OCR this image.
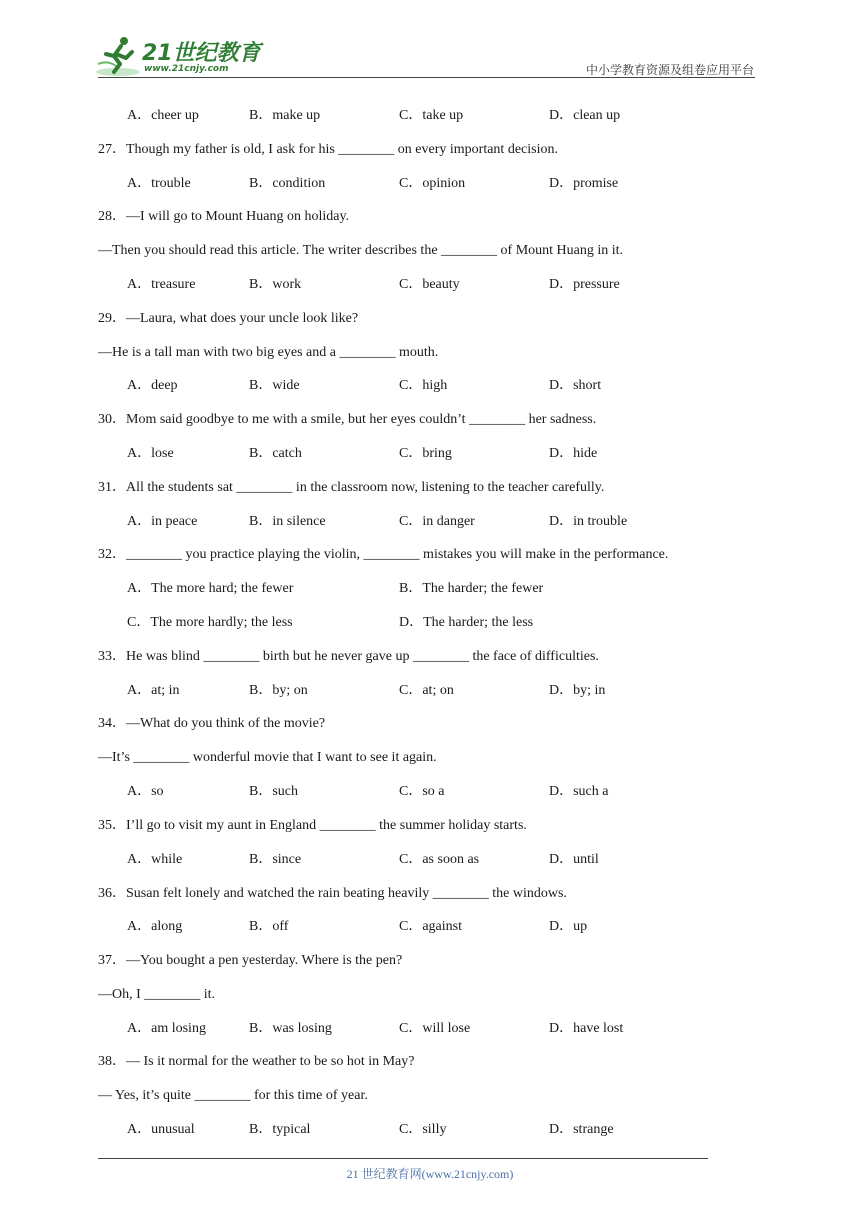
21世纪教育
www.21cnjy.com	中小学教育资源及组卷应用平台
A．cheer up	B．make up	C．take up	D．clean up
27．Though my father is old, I ask for his ________ on every important decision.
A．trouble	B．condition	C．opinion	D．promise
28．—I will go to Mount Huang on holiday.
—Then you should read this article. The writer describes the ________ of Mount Huang in it.
A．treasure	B．work	C．beauty	D．pressure
29．—Laura, what does your uncle look like?
—He is a tall man with two big eyes and a ________ mouth.
A．deep	B．wide	C．high	D．short
30．Mom said goodbye to me with a smile, but her eyes couldn’t ________ her sadness.
A．lose	B．catch	C．bring	D．hide
31．All the students sat ________ in the classroom now, listening to the teacher carefully.
A．in peace	B．in silence	C．in danger	D．in trouble
32．________ you practice playing the violin, ________ mistakes you will make in the performance.
A．The more hard; the fewer	B．The harder; the fewer
C．The more hardly; the less	D．The harder; the less
33．He was blind ________ birth but he never gave up ________ the face of difficulties.
A．at; in	B．by; on	C．at; on	D．by; in
34．—What do you think of the movie?
—It’s ________ wonderful movie that I want to see it again.
A．so	B．such	C．so a	D．such a
35．I’ll go to visit my aunt in England ________ the summer holiday starts.
A．while	B．since	C．as soon as	D．until
36．Susan felt lonely and watched the rain beating heavily ________ the windows.
A．along	B．off	C．against	D．up
37．—You bought a pen yesterday. Where is the pen?
—Oh, I ________ it.
A．am losing	B．was losing	C．will lose	D．have lost
38．— Is it normal for the weather to be so hot in May?
— Yes, it’s quite ________ for this time of year.
A．unusual	B．typical	C．silly	D．strange
21 世纪教育网(www.21cnjy.com)
